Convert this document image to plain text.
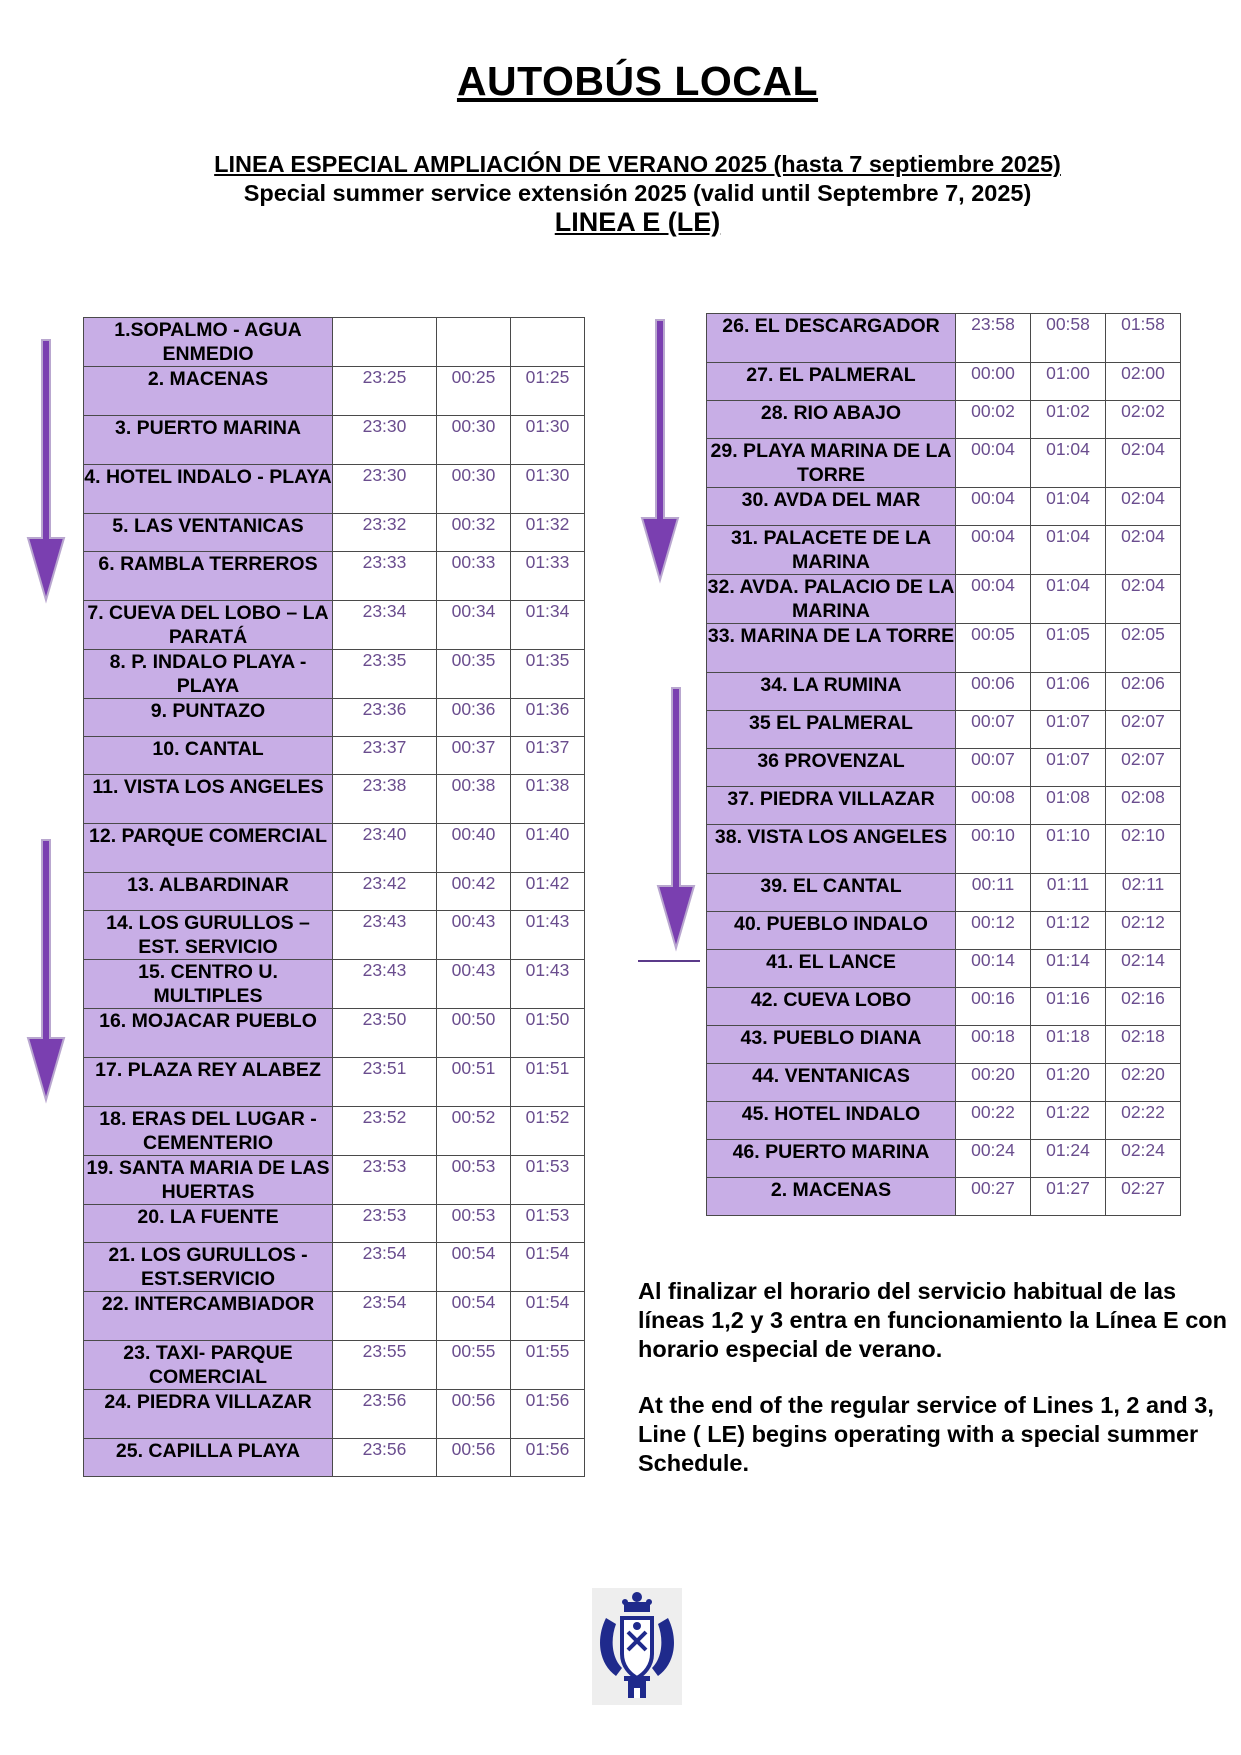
AUTOBÚS LOCAL
LINEA ESPECIAL AMPLIACIÓN DE VERANO 2025 (hasta 7 septiembre 2025)
Special summer service extensión 2025 (valid until Septembre 7, 2025)
LINEA E (LE)
1.SOPALMO - AGUA ENMEDIO			
2. MACENAS	23:25	00:25	01:25
3. PUERTO MARINA	23:30	00:30	01:30
4. HOTEL INDALO - PLAYA	23:30	00:30	01:30
5. LAS VENTANICAS	23:32	00:32	01:32
6. RAMBLA TERREROS	23:33	00:33	01:33
7. CUEVA DEL LOBO – LA PARATÁ	23:34	00:34	01:34
8. P. INDALO PLAYA - PLAYA	23:35	00:35	01:35
9. PUNTAZO	23:36	00:36	01:36
10. CANTAL	23:37	00:37	01:37
11. VISTA LOS ANGELES	23:38	00:38	01:38
12. PARQUE COMERCIAL	23:40	00:40	01:40
13. ALBARDINAR	23:42	00:42	01:42
14. LOS GURULLOS – EST. SERVICIO	23:43	00:43	01:43
15. CENTRO U. MULTIPLES	23:43	00:43	01:43
16. MOJACAR PUEBLO	23:50	00:50	01:50
17. PLAZA REY ALABEZ	23:51	00:51	01:51
18. ERAS DEL LUGAR - CEMENTERIO	23:52	00:52	01:52
19. SANTA MARIA DE LAS HUERTAS	23:53	00:53	01:53
20. LA FUENTE	23:53	00:53	01:53
21. LOS GURULLOS - EST.SERVICIO	23:54	00:54	01:54
22. INTERCAMBIADOR	23:54	00:54	01:54
23. TAXI- PARQUE COMERCIAL	23:55	00:55	01:55
24. PIEDRA VILLAZAR	23:56	00:56	01:56
25. CAPILLA PLAYA	23:56	00:56	01:56
26. EL DESCARGADOR	23:58	00:58	01:58
27. EL PALMERAL	00:00	01:00	02:00
28. RIO ABAJO	00:02	01:02	02:02
29. PLAYA MARINA DE LA TORRE	00:04	01:04	02:04
30. AVDA DEL MAR	00:04	01:04	02:04
31. PALACETE DE LA MARINA	00:04	01:04	02:04
32. AVDA. PALACIO DE LA MARINA	00:04	01:04	02:04
33. MARINA DE LA TORRE	00:05	01:05	02:05
34. LA RUMINA	00:06	01:06	02:06
35 EL PALMERAL	00:07	01:07	02:07
36 PROVENZAL	00:07	01:07	02:07
37. PIEDRA VILLAZAR	00:08	01:08	02:08
38. VISTA LOS ANGELES	00:10	01:10	02:10
39. EL CANTAL	00:11	01:11	02:11
40. PUEBLO INDALO	00:12	01:12	02:12
41. EL LANCE	00:14	01:14	02:14
42. CUEVA LOBO	00:16	01:16	02:16
43. PUEBLO DIANA	00:18	01:18	02:18
44. VENTANICAS	00:20	01:20	02:20
45. HOTEL INDALO	00:22	01:22	02:22
46. PUERTO MARINA	00:24	01:24	02:24
2. MACENAS	00:27	01:27	02:27
Al finalizar el horario del servicio habitual de las líneas 1,2 y 3 entra en funcionamiento la Línea E con horario especial de verano.
At the end of the regular service of Lines 1, 2 and 3, Line ( LE) begins operating with a special summer Schedule.
